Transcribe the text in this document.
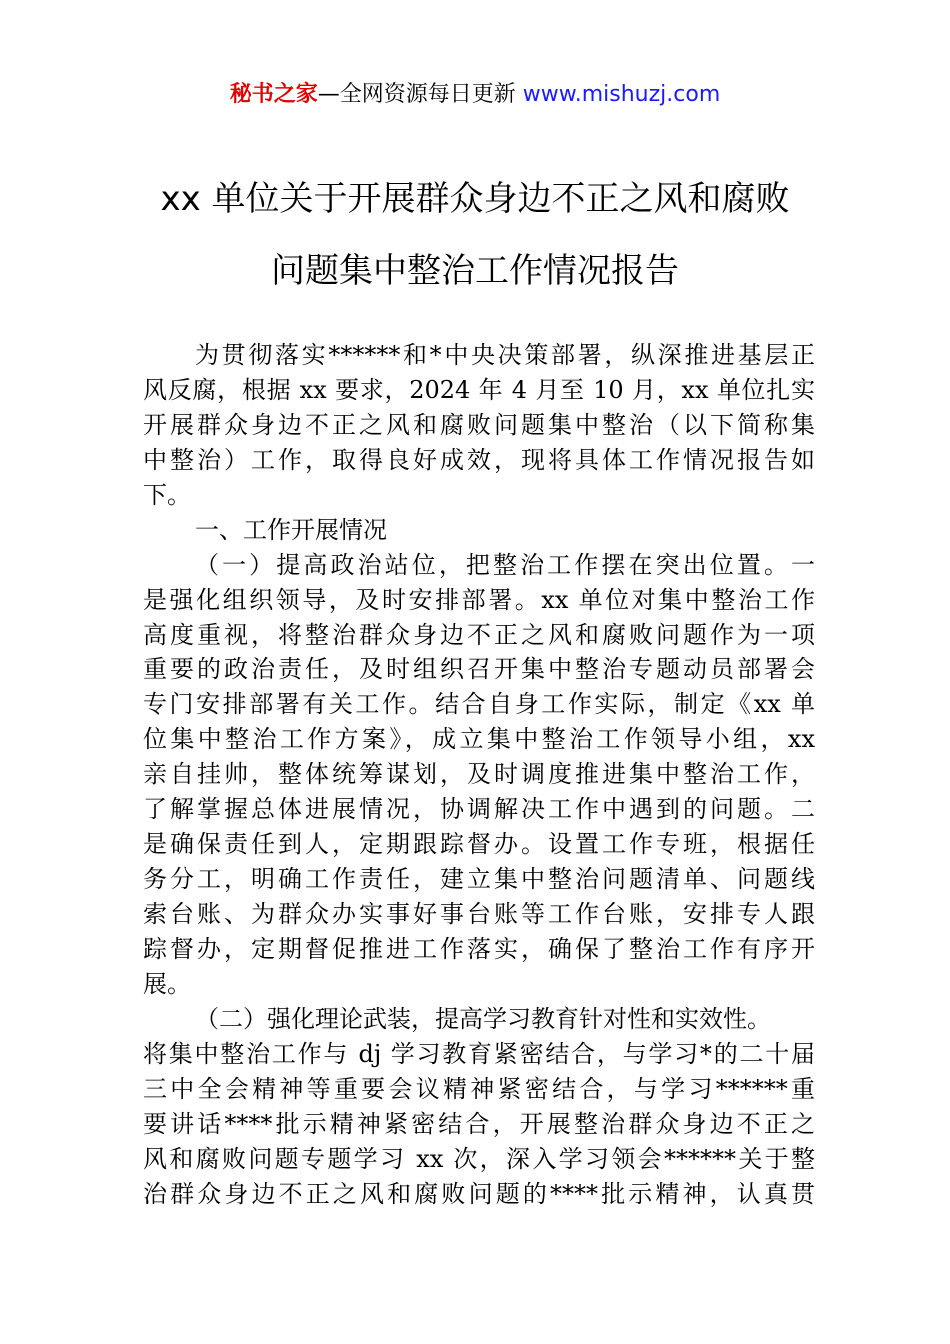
秘书之家—全网资源每日更新 www.mishuzj.com
xx 单位关于开展群众身边不正之风和腐败
问题集中整治工作情况报告
为贯彻落实******和*中央决策部署，纵深推进基层正
风反腐，根据 xx 要求，2024 年 4 月至 10 月，xx 单位扎实
开展群众身边不正之风和腐败问题集中整治（以下简称集
中整治）工作，取得良好成效，现将具体工作情况报告如
下。
一、工作开展情况
（一）提高政治站位，把整治工作摆在突出位置。一
是强化组织领导，及时安排部署。xx 单位对集中整治工作
高度重视，将整治群众身边不正之风和腐败问题作为一项
重要的政治责任，及时组织召开集中整治专题动员部署会
专门安排部署有关工作。结合自身工作实际，制定《xx 单
位集中整治工作方案》，成立集中整治工作领导小组，xx
亲自挂帅，整体统筹谋划，及时调度推进集中整治工作，
了解掌握总体进展情况，协调解决工作中遇到的问题。二
是确保责任到人，定期跟踪督办。设置工作专班，根据任
务分工，明确工作责任，建立集中整治问题清单、问题线
索台账、为群众办实事好事台账等工作台账，安排专人跟
踪督办，定期督促推进工作落实，确保了整治工作有序开
展。
（二）强化理论武装，提高学习教育针对性和实效性。
将集中整治工作与 dj 学习教育紧密结合，与学习*的二十届
三中全会精神等重要会议精神紧密结合，与学习******重
要讲话****批示精神紧密结合，开展整治群众身边不正之
风和腐败问题专题学习 xx 次，深入学习领会******关于整
治群众身边不正之风和腐败问题的****批示精神，认真贯
